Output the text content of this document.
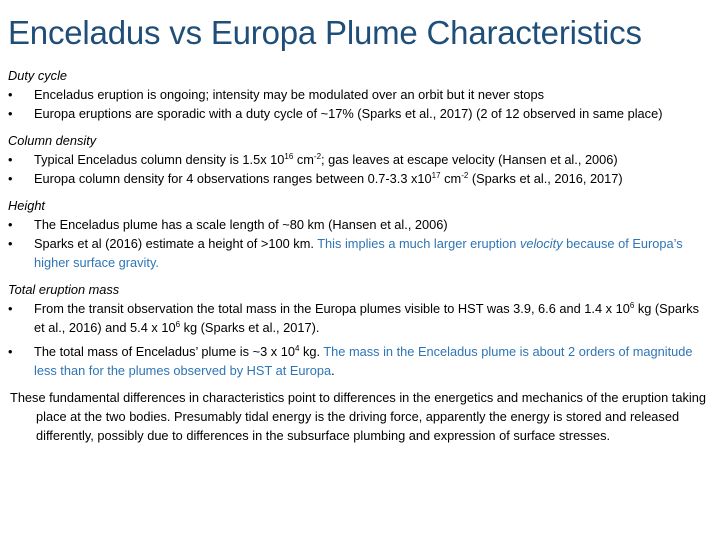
Enceladus vs Europa Plume Characteristics
Duty cycle
•	Enceladus eruption is ongoing; intensity may be modulated over an orbit but it never stops
•	Europa eruptions are sporadic with a duty cycle of ~17% (Sparks et al., 2017) (2 of 12 observed in same place)
Column density
•	Typical Enceladus column density is 1.5x $10^{16}$ $cm^{-2}$; gas leaves at escape velocity (Hansen et al., 2006)
•	Europa column density for 4 observations ranges between 0.7-3.3 $x10^{17}$ $cm^{-2}$ (Sparks et al., 2016, 2017)
Height
•	The Enceladus plume has a scale length of ~80 km (Hansen et al., 2006)
•	Sparks et al (2016) estimate a height of >100 km. This implies a much larger eruption velocity because of Europa’s higher surface gravity.
Total eruption mass
•	From the transit observation the total mass in the Europa plumes visible to HST was 3.9, 6.6 and 1.4 x $10^6$ kg (Sparks et al., 2016) and 5.4 x $10^6$ kg (Sparks et al., 2017).
•	The total mass of Enceladus’ plume is ~3 x $10^4$ kg. The mass in the Enceladus plume is about 2 orders of magnitude less than for the plumes observed by HST at Europa.
These fundamental differences in characteristics point to differences in the energetics and mechanics of the eruption taking place at the two bodies. Presumably tidal energy is the driving force, apparently the energy is stored and released differently, possibly due to differences in the subsurface plumbing and expression of surface stresses.
